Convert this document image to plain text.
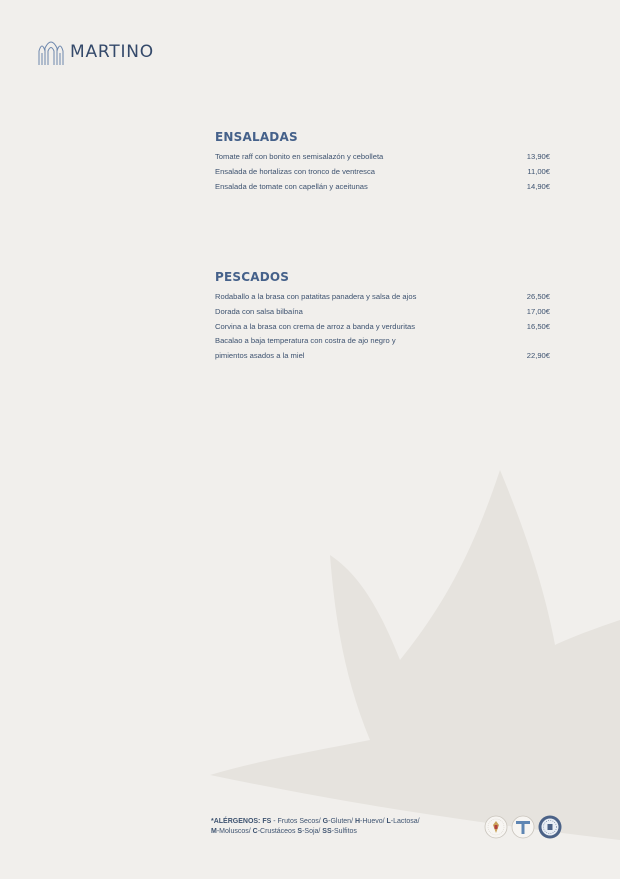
MARTINO
ENSALADAS
Tomate raff con bonito en semisalazón y cebolleta	13,90€
Ensalada de hortalizas con tronco de ventresca	11,00€
Ensalada de tomate con capellán y aceitunas	14,90€
PESCADOS
Rodaballo a la brasa con patatitas panadera y salsa de ajos	26,50€
Dorada con salsa bilbaína	17,00€
Corvina a la brasa con crema de arroz a banda y verduritas	16,50€
Bacalao a baja temperatura con costra de ajo negro y
pimientos asados a la miel	22,90€
*ALÉRGENOS: FS - Frutos Secos/ G-Gluten/ H-Huevo/ L-Lactosa/
M-Moluscos/ C-Crustáceos S-Soja/ SS-Sulfitos
